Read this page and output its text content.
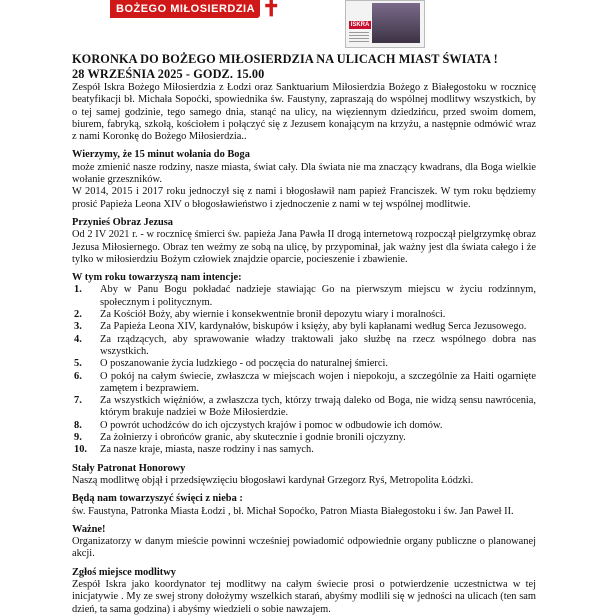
BOŻEGO MIŁOSIERDZIA ✝
ISKRA
KORONKA DO BOŻEGO MIŁOSIERDZIA NA ULICACH MIAST ŚWIATA !
28 WRZEŚNIA 2025 - GODZ. 15.00

Zespół Iskra Bożego Miłosierdzia z Łodzi oraz Sanktuarium Miłosierdzia Bożego z Białegostoku w rocznicę beatyfikacji bł. Michała Sopoćki, spowiednika św. Faustyny, zapraszają do wspólnej modlitwy wszystkich, by o tej samej godzinie, tego samego dnia, stanąć na ulicy, na więziennym dziedzińcu, przed swoim domem, biurem, fabryką, szkołą, kościołem i połączyć się z Jezusem konającym na krzyżu, a następnie odmówić wraz z nami Koronkę do Bożego Miłosierdzia..

Wierzymy, że 15 minut wołania do Boga

może zmienić nasze rodziny, nasze miasta, świat cały. Dla świata nie ma znaczący kwadrans, dla Boga wielkie wołanie grzeszników.

W 2014, 2015 i 2017 roku jednoczył się z nami i błogosławił nam papież Franciszek. W tym roku będziemy prosić Papieża Leona XIV o błogosławieństwo i zjednoczenie z nami w tej wspólnej modlitwie.

Przynieś Obraz Jezusa

Od 2 IV 2021 r. - w rocznicę śmierci św. papieża Jana Pawła II drogą internetową rozpoczął pielgrzymkę obraz Jezusa Miłosiernego. Obraz ten weźmy ze sobą na ulicę, by przypominał, jak ważny jest dla świata całego i że tylko w miłosierdziu Bożym człowiek znajdzie oparcie, pocieszenie i zbawienie.

W tym roku towarzyszą nam intencje:
1.	Aby w Panu Bogu pokładać nadzieje stawiając Go na pierwszym miejscu w życiu rodzinnym, społecznym i politycznym.
2.	Za Kościół Boży, aby wiernie i konsekwentnie bronił depozytu wiary i moralności.
3.	Za Papieża Leona XIV, kardynałów, biskupów i księży, aby byli kapłanami według Serca Jezusowego.
4.	Za rządzących, aby sprawowanie władzy traktowali jako służbę na rzecz wspólnego dobra nas wszystkich.
5.	O poszanowanie życia ludzkiego - od poczęcia do naturalnej śmierci.
6.	O pokój na całym świecie, zwłaszcza w miejscach wojen i niepokoju, a szczególnie za Haiti ogarnięte zamętem i bezprawiem.
7.	Za wszystkich więźniów, a zwłaszcza tych, którzy trwają daleko od Boga, nie widzą sensu nawrócenia, którym brakuje nadziei w Boże Miłosierdzie.
8.	O powrót uchodźców do ich ojczystych krajów i pomoc w odbudowie ich domów.
9.	Za żołnierzy i obrońców granic, aby skutecznie i godnie bronili ojczyzny.
10.	Za nasze kraje, miasta, nasze rodziny i nas samych.
Stały Patronat Honorowy

Naszą modlitwę objął i przedsięwzięciu błogosławi kardynał Grzegorz Ryś, Metropolita Łódzki.

Będą nam towarzyszyć święci z nieba :

św. Faustyna, Patronka Miasta Łodzi , bł. Michał Sopoćko, Patron Miasta Białegostoku i św. Jan Paweł II.

Ważne!

Organizatorzy w danym mieście powinni wcześniej powiadomić odpowiednie organy publiczne o planowanej akcji.

Zgłoś miejsce modlitwy

Zespół Iskra jako koordynator tej modlitwy na całym świecie prosi o potwierdzenie uczestnictwa w tej inicjatywie . My ze swej strony dołożymy wszelkich starań, abyśmy modlili się w jedności na ulicach (ten sam dzień, ta sama godzina) i abyśmy wiedzieli o sobie nawzajem.
